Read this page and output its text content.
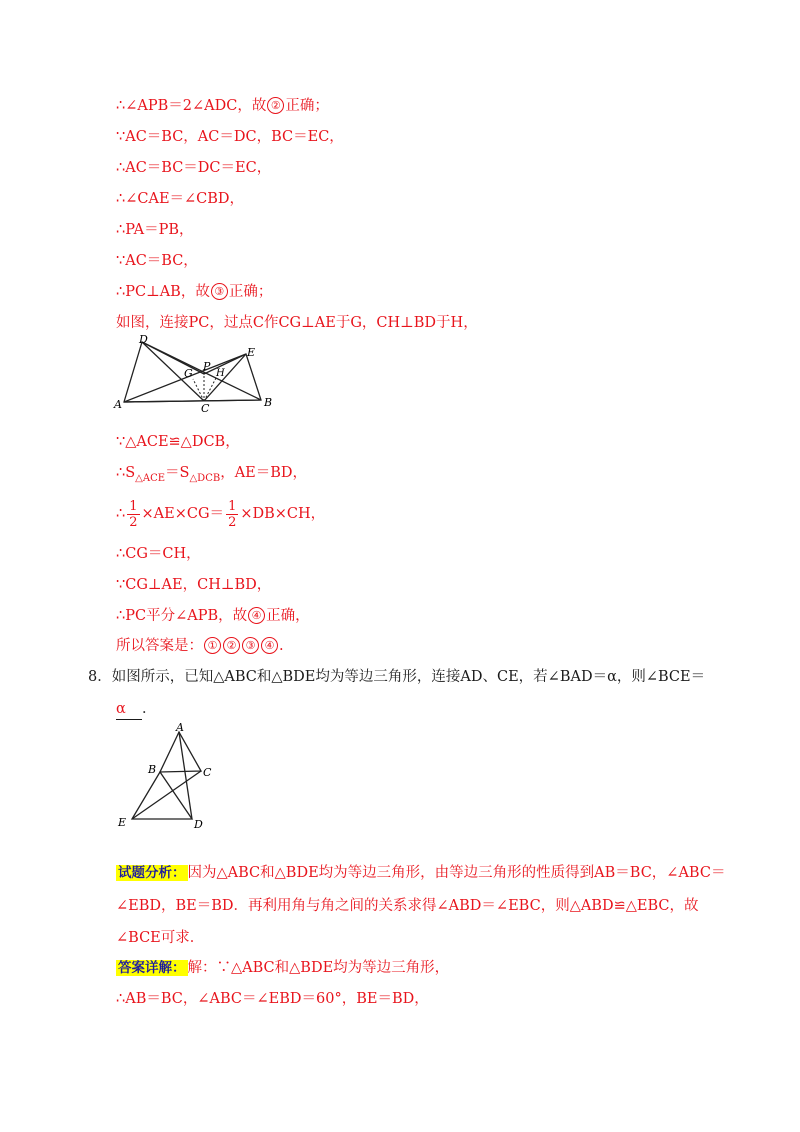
∴∠APB＝2∠ADC，故 ② 正确；
∵AC＝BC，AC＝DC，BC＝EC，
∴AC＝BC＝DC＝EC，
∴∠CAE＝∠CBD，
∴PA＝PB，
∵AC＝BC，
∴PC⊥AB，故 ③ 正确；
如图，连接PC，过点C作CG⊥AE于G，CH⊥BD于H，
D
E
P
G H
A	C	B
∵△ACE≌△DCB，
$\therefore S_{\triangle ACE}=S_{\triangle DCB}$，AE＝BD，
∴ $\frac{1}{2} \times AE\times CG= \frac{1}{2} \times DB\times CH$，
∴CG＝CH，
∵CG⊥AE，CH⊥BD，
∴PC平分∠APB，故 ④ 正确，
所以答案是： ① ② ③ ④ .
8．如图所示，已知△ABC和△BDE均为等边三角形，连接AD、CE，若∠BAD＝α，则∠BCE＝
α ．
A
B	C
E	D
试题分析： 因为△ABC和△BDE均为等边三角形，由等边三角形的性质得到AB＝BC，∠ABC＝
∠EBD，BE＝BD．再利用角与角之间的关系求得∠ABD＝∠EBC，则△ABD≌△EBC，故
∠BCE可求．
答案详解： 解：∵△ABC和△BDE均为等边三角形，
∴AB＝BC，∠ABC＝∠EBD＝60°，BE＝BD，
